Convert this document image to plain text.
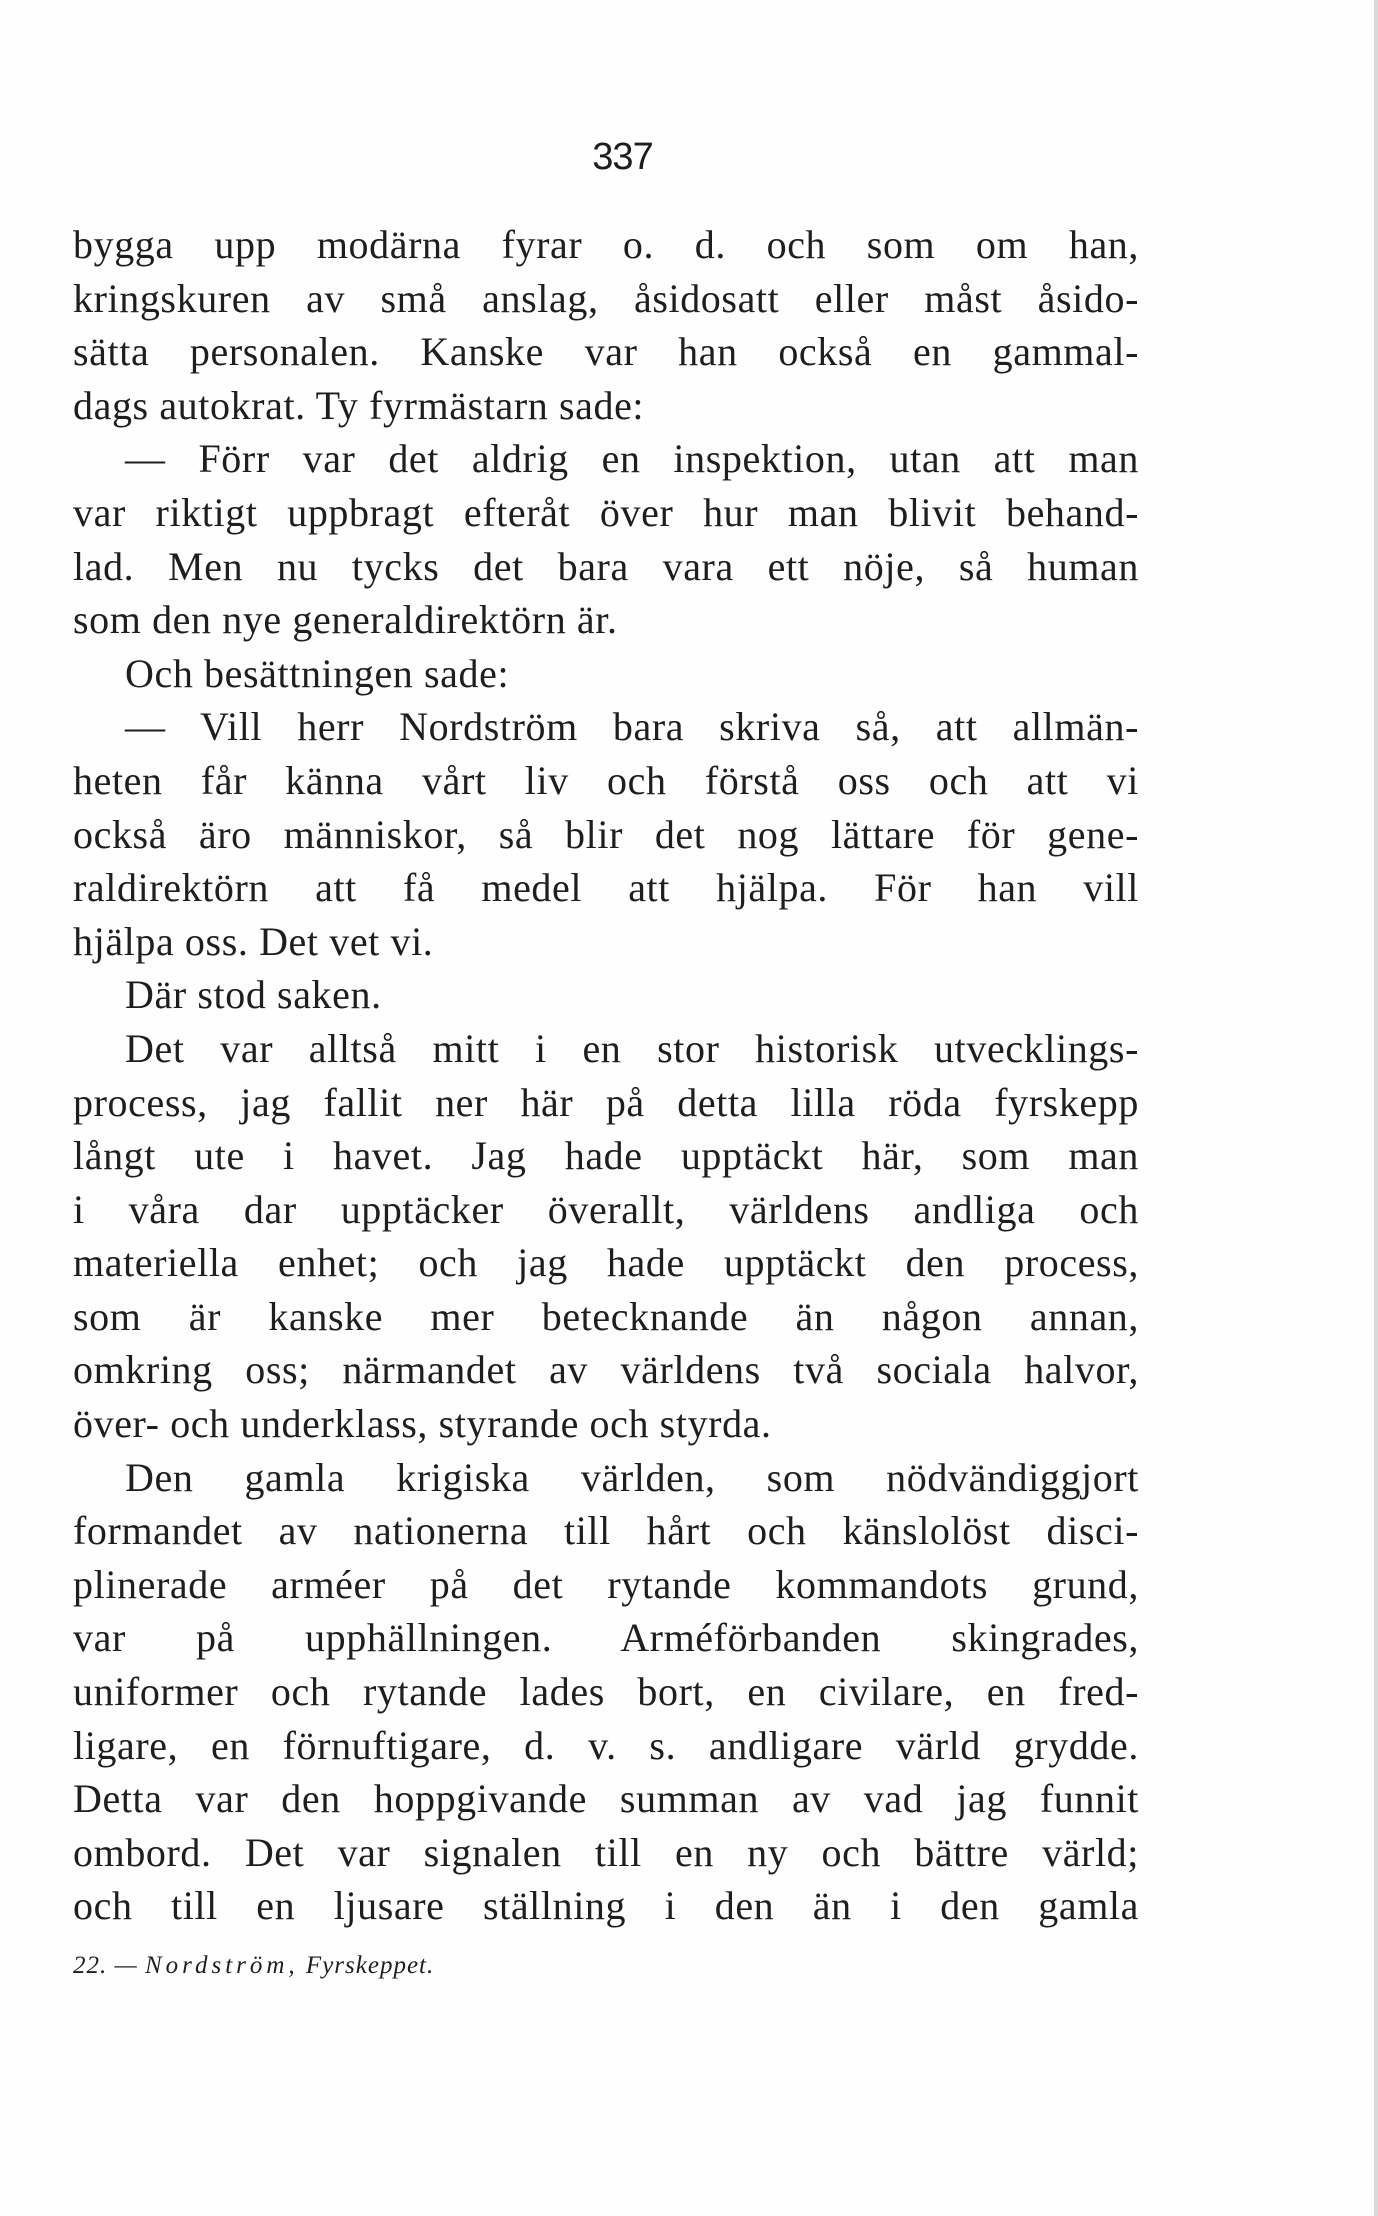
337
bygga upp modärna fyrar o. d. och som om han,
kringskuren av små anslag, åsidosatt eller måst åsido-
sätta personalen. Kanske var han också en gammal-
dags autokrat. Ty fyrmästarn sade:
— Förr var det aldrig en inspektion, utan att man
var riktigt uppbragt efteråt över hur man blivit behand-
lad. Men nu tycks det bara vara ett nöje, så human
som den nye generaldirektörn är.
Och besättningen sade:
— Vill herr Nordström bara skriva så, att allmän-
heten får känna vårt liv och förstå oss och att vi
också äro människor, så blir det nog lättare för gene-
raldirektörn att få medel att hjälpa. För han vill
hjälpa oss. Det vet vi.
Där stod saken.
Det var alltså mitt i en stor historisk utvecklings-
process, jag fallit ner här på detta lilla röda fyrskepp
långt ute i havet. Jag hade upptäckt här, som man
i våra dar upptäcker överallt, världens andliga och
materiella enhet; och jag hade upptäckt den process,
som är kanske mer betecknande än någon annan,
omkring oss; närmandet av världens två sociala halvor,
över- och underklass, styrande och styrda.
Den gamla krigiska världen, som nödvändiggjort
formandet av nationerna till hårt och känslolöst disci-
plinerade arméer på det rytande kommandots grund,
var på upphällningen. Arméförbanden skingrades,
uniformer och rytande lades bort, en civilare, en fred-
ligare, en förnuftigare, d. v. s. andligare värld grydde.
Detta var den hoppgivande summan av vad jag funnit
ombord. Det var signalen till en ny och bättre värld;
och till en ljusare ställning i den än i den gamla
22. — Nordström, Fyrskeppet.
